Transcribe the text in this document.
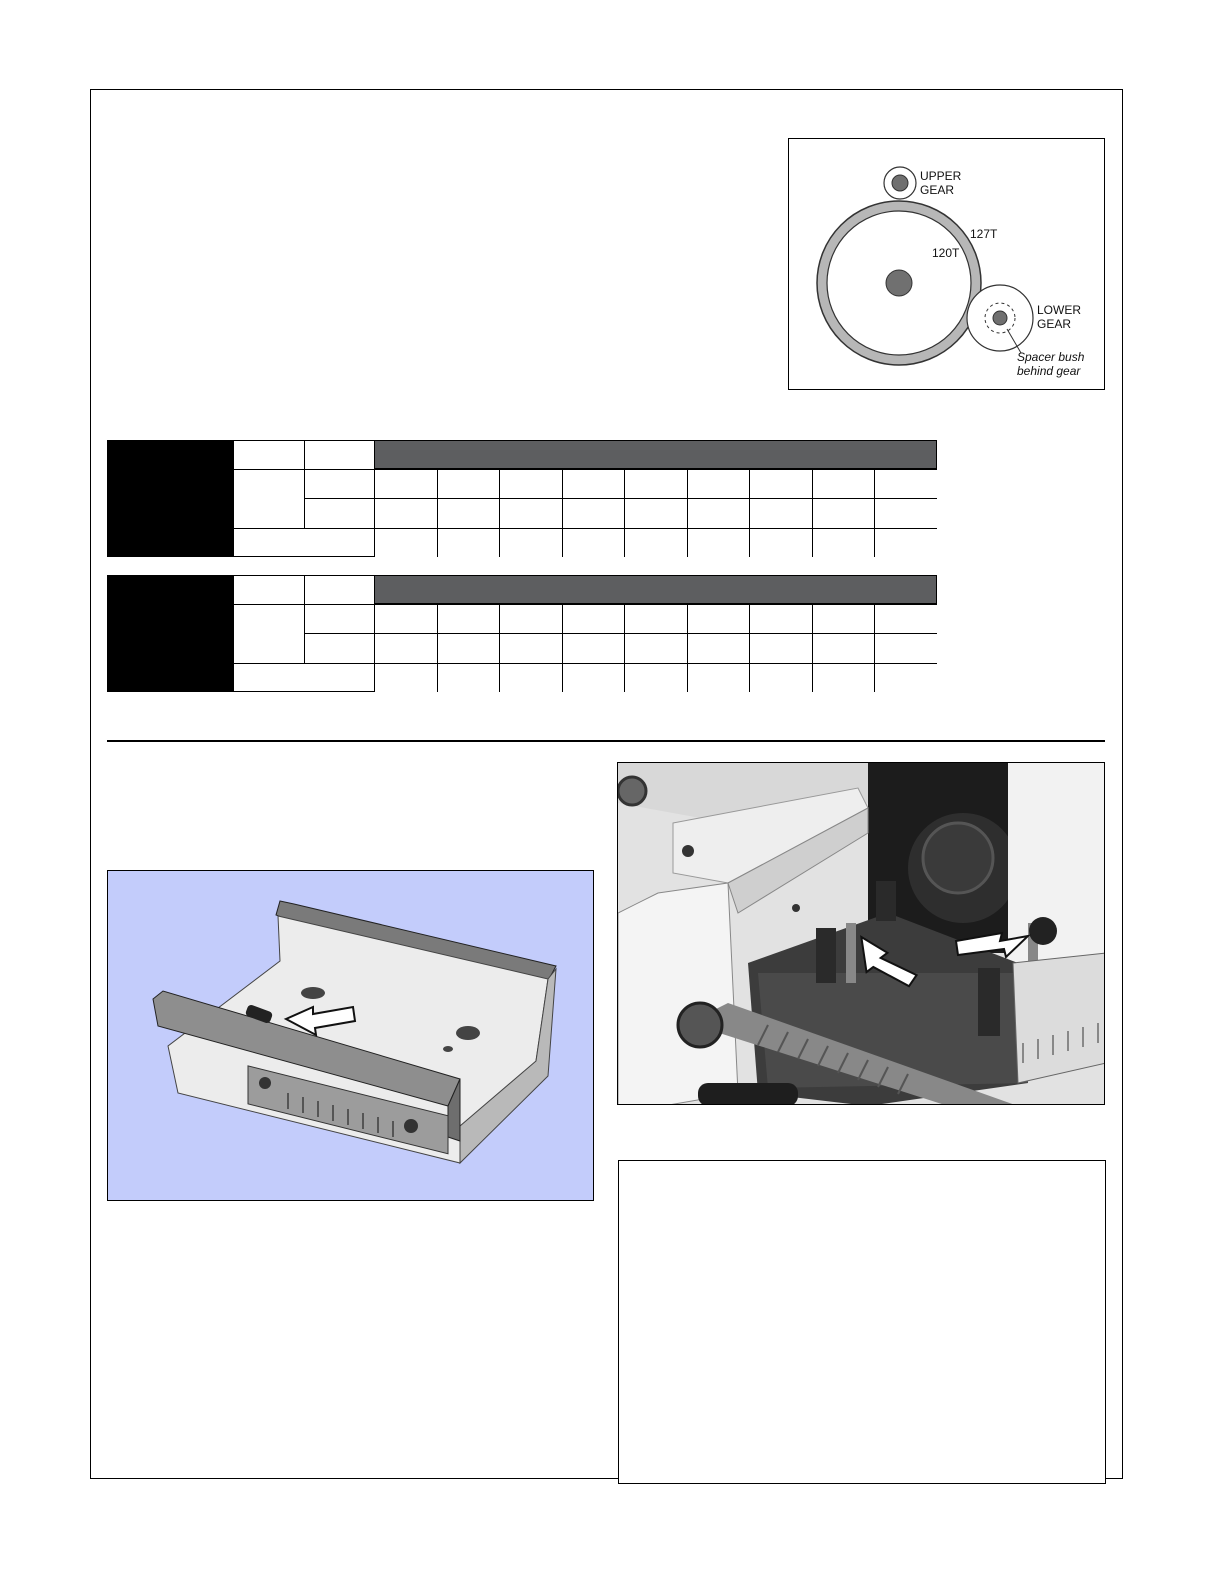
UPPER
GEAR
127T
120T
LOWER
GEAR
Spacer bush
behind gear
